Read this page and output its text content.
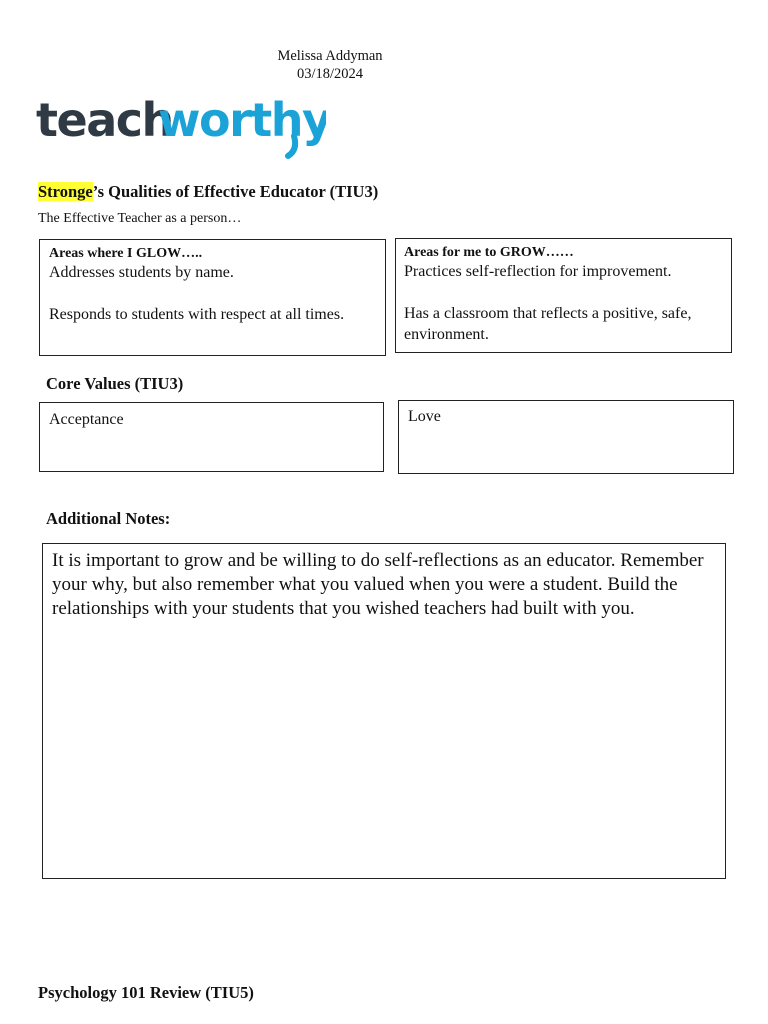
Melissa Addyman
03/18/2024
teach
worthy
Stronge’s Qualities of Effective Educator (TIU3)
The Effective Teacher as a person…
Areas where I GLOW…..
Addresses students by name.
Responds to students with respect at all times.
Areas for me to GROW……
Practices self-reflection for improvement.
Has a classroom that reflects a positive, safe, environment.
Core Values (TIU3)
Acceptance	Love
Additional Notes:
It is important to grow and be willing to do self-reflections as an educator. Remember your why, but also remember what you valued when you were a student. Build the relationships with your students that you wished teachers had built with you.
Psychology 101 Review (TIU5)
